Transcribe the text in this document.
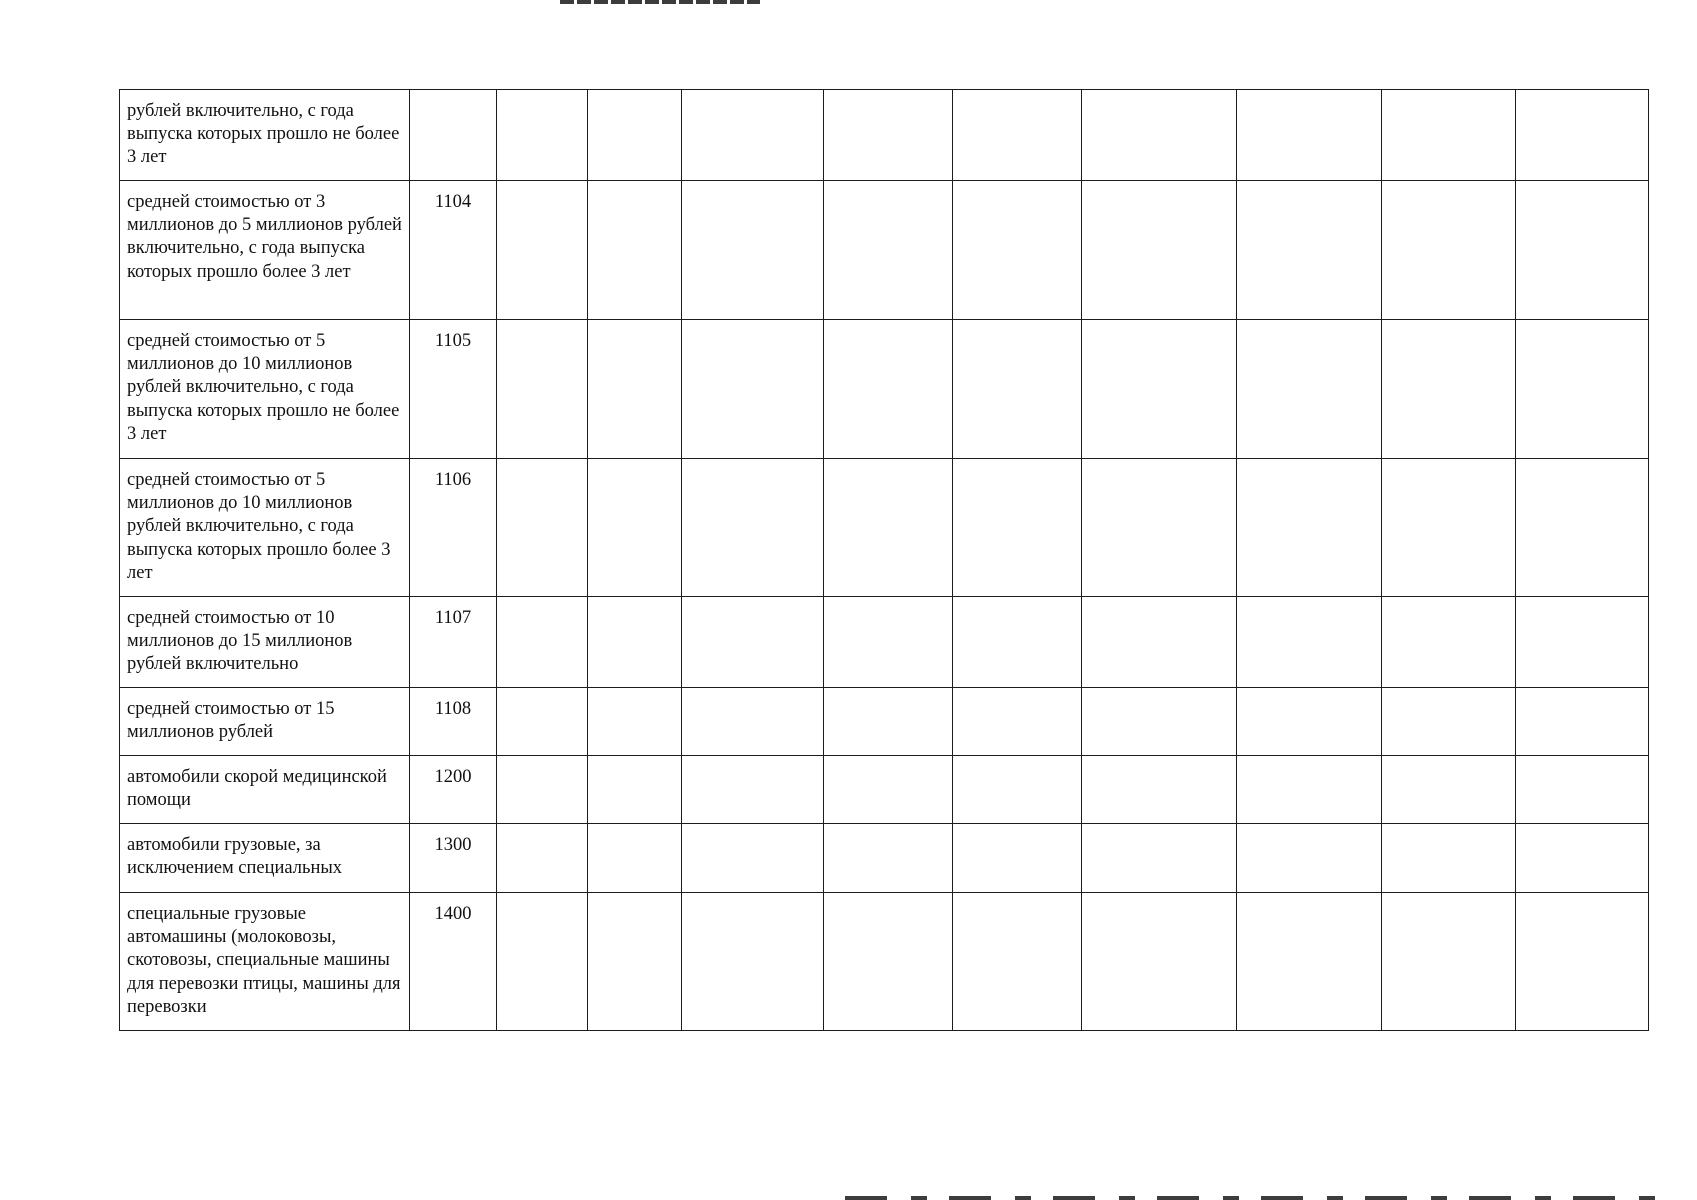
рублей включительно, с года выпуска которых прошло не более 3 лет										
средней стоимостью от 3 миллионов до 5 миллионов рублей включительно, с года выпуска которых прошло более 3 лет	1104									
средней стоимостью от 5 миллионов до 10 миллионов рублей включительно, с года выпуска которых прошло не более 3 лет	1105									
средней стоимостью от 5 миллионов до 10 миллионов рублей включительно, с года выпуска которых прошло более 3 лет	1106									
средней стоимостью от 10 миллионов до 15 миллионов рублей включительно	1107									
средней стоимостью от 15 миллионов рублей	1108									
автомобили скорой медицинской помощи	1200									
автомобили грузовые, за исключением специальных	1300									
специальные грузовые автомашины (молоковозы, скотовозы, специальные машины для перевозки птицы, машины для перевозки	1400									
